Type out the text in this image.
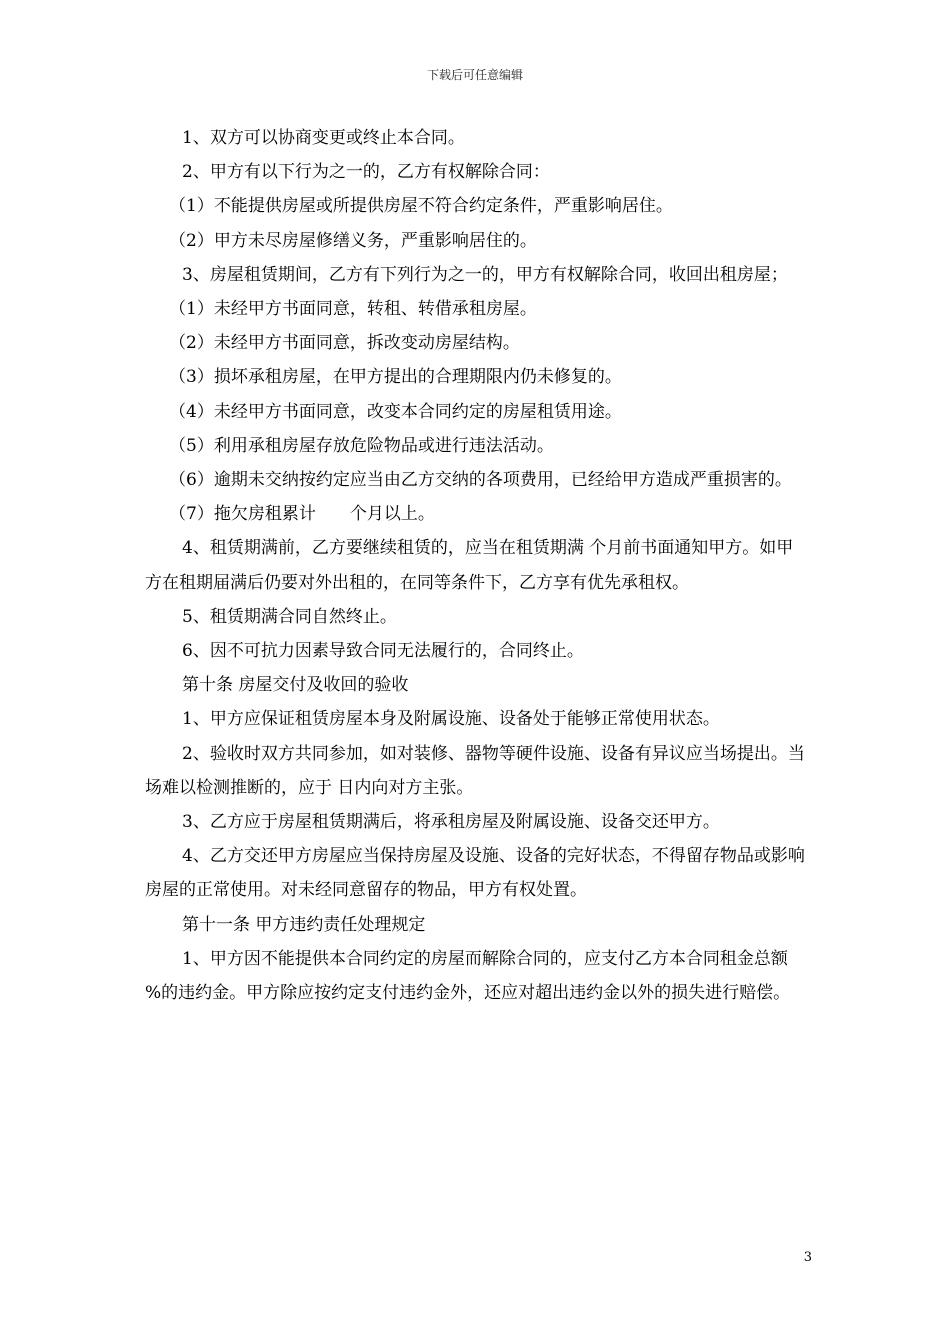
下载后可任意编辑

1、双方可以协商变更或终止本合同。

2、甲方有以下行为之一的，乙方有权解除合同：

（1）不能提供房屋或所提供房屋不符合约定条件，严重影响居住。

（2）甲方未尽房屋修缮义务，严重影响居住的。

3、房屋租赁期间，乙方有下列行为之一的，甲方有权解除合同，收回出租房屋；

（1）未经甲方书面同意，转租、转借承租房屋。

（2）未经甲方书面同意，拆改变动房屋结构。

（3）损坏承租房屋，在甲方提出的合理期限内仍未修复的。

（4）未经甲方书面同意，改变本合同约定的房屋租赁用途。

（5）利用承租房屋存放危险物品或进行违法活动。

（6）逾期未交纳按约定应当由乙方交纳的各项费用，已经给甲方造成严重损害的。

（7）拖欠房租累计　　个月以上。

4、租赁期满前，乙方要继续租赁的，应当在租赁期满 个月前书面通知甲方。如甲方在租期届满后仍要对外出租的，在同等条件下，乙方享有优先承租权。

5、租赁期满合同自然终止。

6、因不可抗力因素导致合同无法履行的，合同终止。

第十条 房屋交付及收回的验收

1、甲方应保证租赁房屋本身及附属设施、设备处于能够正常使用状态。

2、验收时双方共同参加，如对装修、器物等硬件设施、设备有异议应当场提出。当场难以检测推断的，应于 日内向对方主张。

3、乙方应于房屋租赁期满后，将承租房屋及附属设施、设备交还甲方。

4、乙方交还甲方房屋应当保持房屋及设施、设备的完好状态，不得留存物品或影响房屋的正常使用。对未经同意留存的物品，甲方有权处置。

第十一条 甲方违约责任处理规定

1、甲方因不能提供本合同约定的房屋而解除合同的，应支付乙方本合同租金总额 %的违约金。甲方除应按约定支付违约金外，还应对超出违约金以外的损失进行赔偿。

3
